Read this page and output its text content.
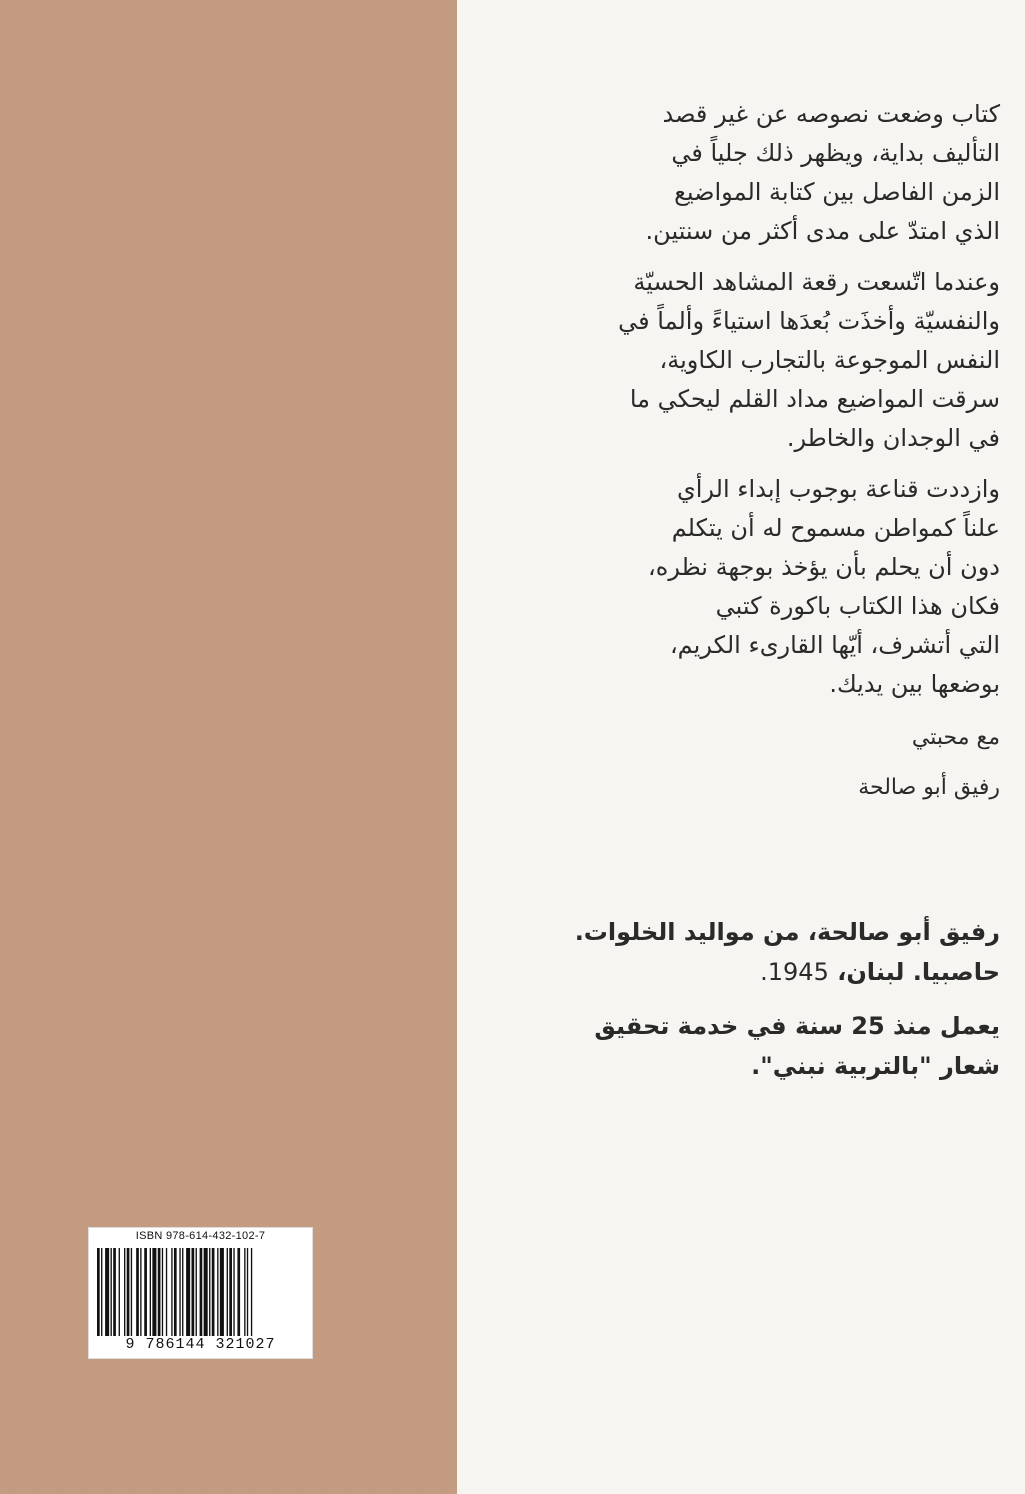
كتاب وضعت نصوصه عن غير قصد
التأليف بداية، ويظهر ذلك جلياً في
الزمن الفاصل بين كتابة المواضيع
الذي امتدّ على مدى أكثر من سنتين.

وعندما اتّسعت رقعة المشاهد الحسيّة
والنفسيّة وأخذَت بُعدَها استياءً وألماً في
النفس الموجوعة بالتجارب الكاوية،
سرقت المواضيع مداد القلم ليحكي ما
في الوجدان والخاطر.

وازددت قناعة بوجوب إبداء الرأي
علناً كمواطن مسموح له أن يتكلم
دون أن يحلم بأن يؤخذ بوجهة نظره،
فكان هذا الكتاب باكورة كتبي
التي أتشرف، أيّها القارىء الكريم،
بوضعها بين يديك.

مع محبتي
رفيق أبو صالحة

رفيق أبو صالحة، من مواليد الخلوات.
حاصبيا. لبنان، 1945.

يعمل منذ 25 سنة في خدمة تحقيق
شعار "بالتربية نبني".

ISBN 978-614-432-102-7
9 786144 321027
